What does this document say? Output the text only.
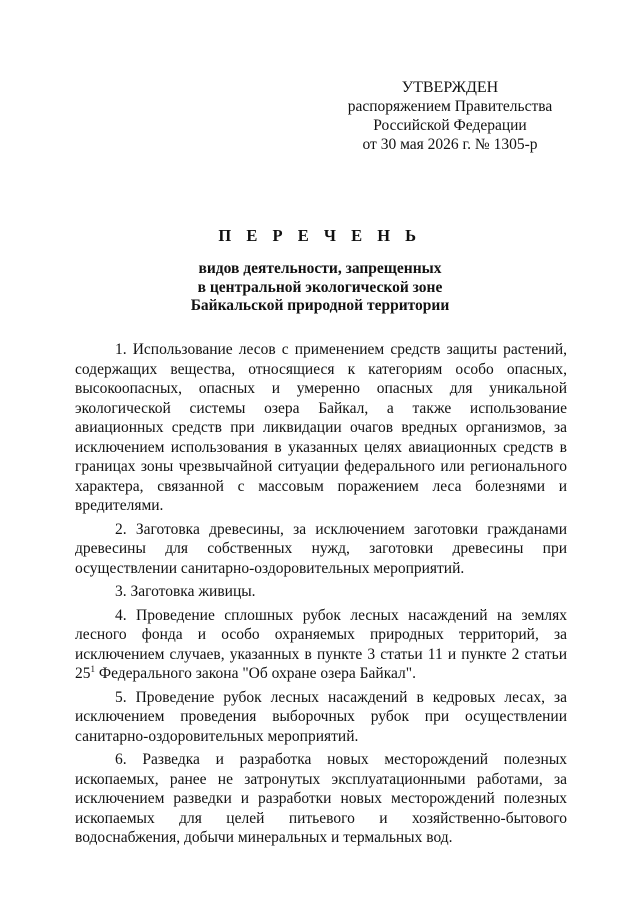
УТВЕРЖДЕН
распоряжением Правительства
Российской Федерации
от 30 мая 2026 г. № 1305-р
П Е Р Е Ч Е Н Ь
видов деятельности, запрещенных
в центральной экологической зоне
Байкальской природной территории

1. Использование лесов с применением средств защиты растений, содержащих вещества, относящиеся к категориям особо опасных, высокоопасных, опасных и умеренно опасных для уникальной экологической системы озера Байкал, а также использование авиационных средств при ликвидации очагов вредных организмов, за исключением использования в указанных целях авиационных средств в границах зоны чрезвычайной ситуации федерального или регионального характера, связанной с массовым поражением леса болезнями и вредителями.

2. Заготовка древесины, за исключением заготовки гражданами древесины для собственных нужд, заготовки древесины при осуществлении санитарно-оздоровительных мероприятий.

3. Заготовка живицы.

4. Проведение сплошных рубок лесных насаждений на землях лесного фонда и особо охраняемых природных территорий, за исключением случаев, указанных в пункте 3 статьи 11 и пункте 2 статьи $25^1$ Федерального закона "Об охране озера Байкал".

5. Проведение рубок лесных насаждений в кедровых лесах, за исключением проведения выборочных рубок при осуществлении санитарно-оздоровительных мероприятий.

6. Разведка и разработка новых месторождений полезных ископаемых, ранее не затронутых эксплуатационными работами, за исключением разведки и разработки новых месторождений полезных ископаемых для целей питьевого и хозяйственно-бытового водоснабжения, добычи минеральных и термальных вод.
